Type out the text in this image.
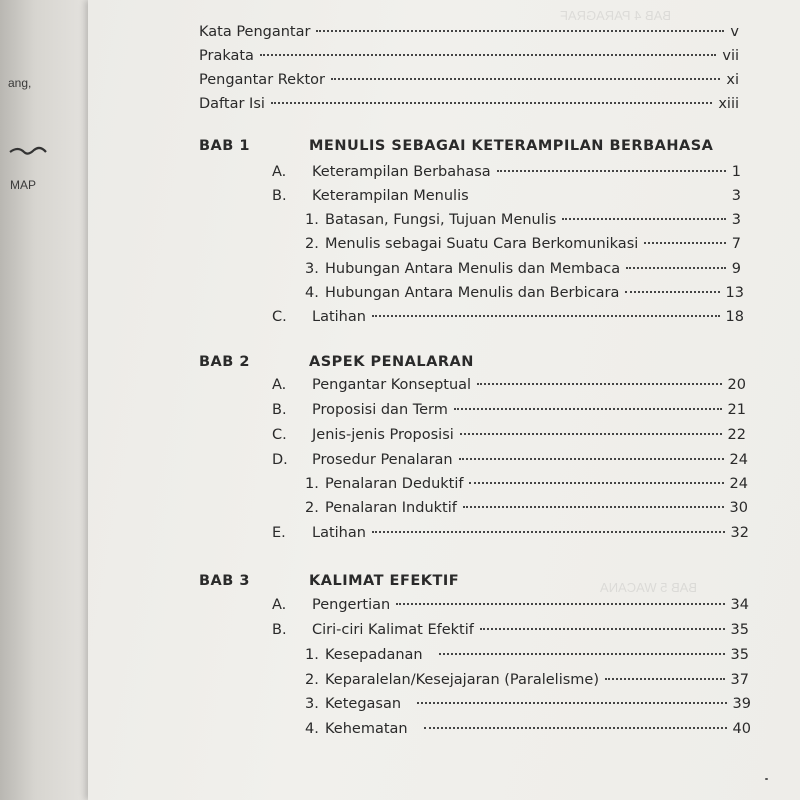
ang,
MAP
BAB 4 PARAGRAF
BAB 5 WACANA
Kata Pengantar	v
Prakata	vii
Pengantar Rektor	xi
Daftar Isi	xiii
BAB 1	MENULIS SEBAGAI KETERAMPILAN BERBAHASA
A.	Keterampilan Berbahasa	1
B.	Keterampilan Menulis	3
1. Batasan, Fungsi, Tujuan Menulis	3
2. Menulis sebagai Suatu Cara Berkomunikasi	7
3. Hubungan Antara Menulis dan Membaca	9
4. Hubungan Antara Menulis dan Berbicara	13
C.	Latihan	18
BAB 2	ASPEK PENALARAN
A.	Pengantar Konseptual	20
B.	Proposisi dan Term	21
C.	Jenis-jenis Proposisi	22
D.	Prosedur Penalaran	24
1. Penalaran Deduktif	24
2. Penalaran Induktif	30
E.	Latihan	32
BAB 3	KALIMAT EFEKTIF
A.	Pengertian	34
B.	Ciri-ciri Kalimat Efektif	35
1. Kesepadanan	35
2. Keparalelan/Kesejajaran (Paralelisme)	37
3. Ketegasan	39
4. Kehematan	40
